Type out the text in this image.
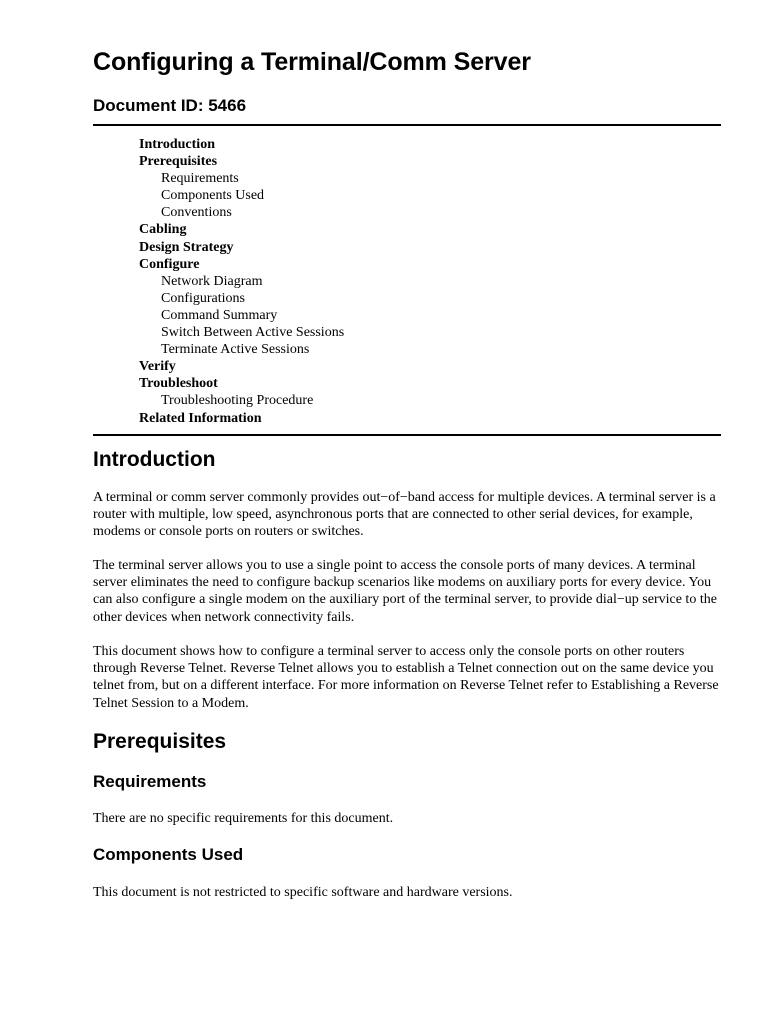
Configuring a Terminal/Comm Server
Document ID: 5466
Introduction
Prerequisites
Requirements
Components Used
Conventions
Cabling
Design Strategy
Configure
Network Diagram
Configurations
Command Summary
Switch Between Active Sessions
Terminate Active Sessions
Verify
Troubleshoot
Troubleshooting Procedure
Related Information
Introduction

A terminal or comm server commonly provides out−of−band access for multiple devices. A terminal server is a router with multiple, low speed, asynchronous ports that are connected to other serial devices, for example, modems or console ports on routers or switches.

The terminal server allows you to use a single point to access the console ports of many devices. A terminal server eliminates the need to configure backup scenarios like modems on auxiliary ports for every device. You can also configure a single modem on the auxiliary port of the terminal server, to provide dial−up service to the other devices when network connectivity fails.

This document shows how to configure a terminal server to access only the console ports on other routers through Reverse Telnet. Reverse Telnet allows you to establish a Telnet connection out on the same device you telnet from, but on a different interface. For more information on Reverse Telnet refer to Establishing a Reverse Telnet Session to a Modem.

Prerequisites
Requirements

There are no specific requirements for this document.

Components Used

This document is not restricted to specific software and hardware versions.
